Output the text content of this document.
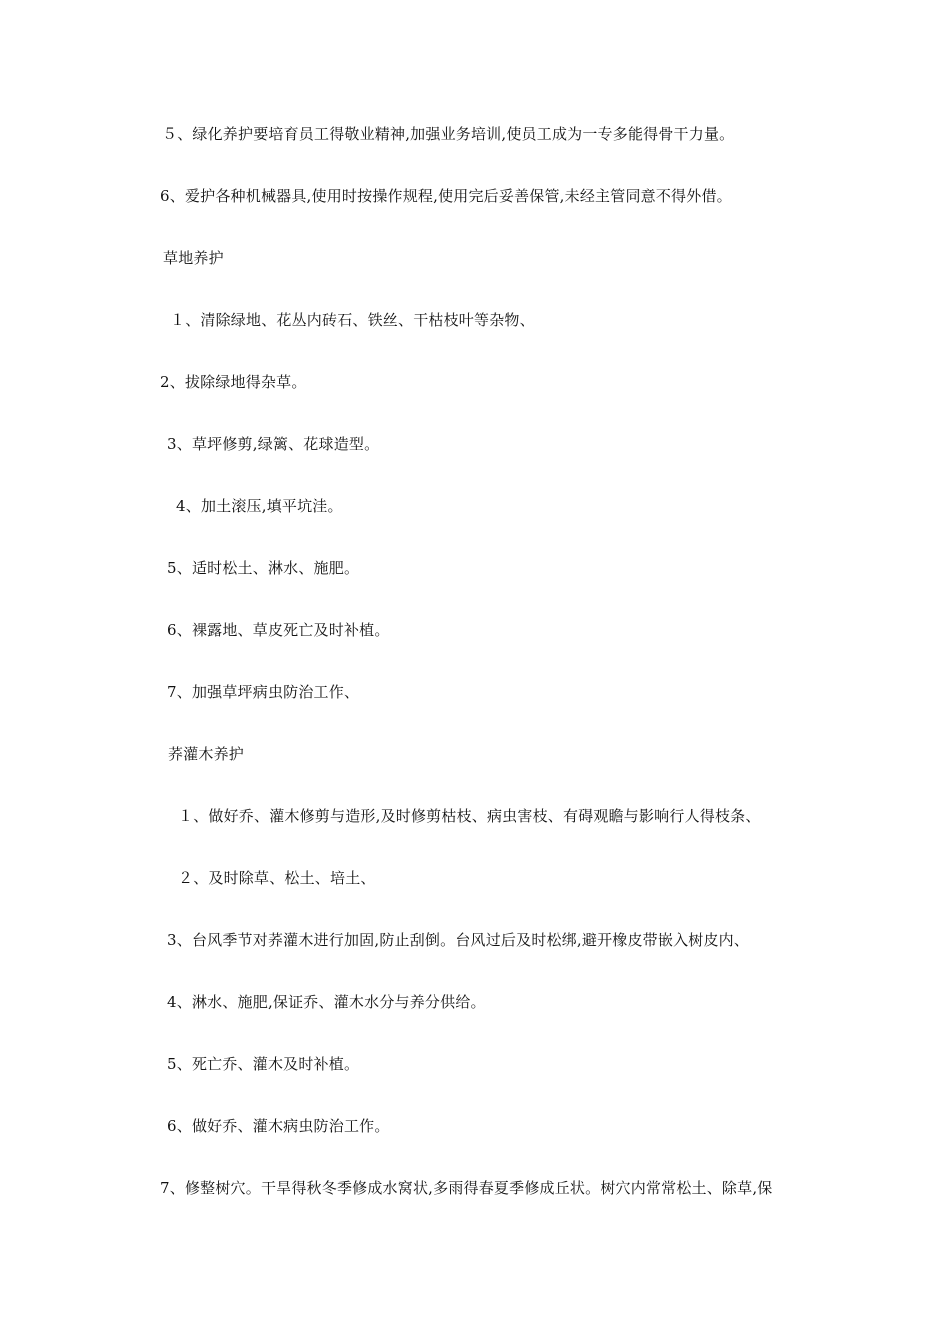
５、绿化养护要培育员工得敬业精神,加强业务培训,使员工成为一专多能得骨干力量。
6、爱护各种机械器具,使用时按操作规程,使用完后妥善保管,未经主管同意不得外借。
草地养护
１、清除绿地、花丛内砖石、铁丝、干枯枝叶等杂物、
2、拔除绿地得杂草。
3、草坪修剪,绿篱、花球造型。
4、加土滚压,填平坑洼。
5、适时松土、淋水、施肥。
6、裸露地、草皮死亡及时补植。
7、加强草坪病虫防治工作、
荞灌木养护
１、做好乔、灌木修剪与造形,及时修剪枯枝、病虫害枝、有碍观瞻与影响行人得枝条、
２、及时除草、松土、培土、
3、台风季节对荞灌木进行加固,防止刮倒。台风过后及时松绑,避开橡皮带嵌入树皮内、
4、淋水、施肥,保证乔、灌木水分与养分供给。
5、死亡乔、灌木及时补植。
6、做好乔、灌木病虫防治工作。
7、修整树穴。干旱得秋冬季修成水窝状,多雨得春夏季修成丘状。树穴内常常松土、除草,保
